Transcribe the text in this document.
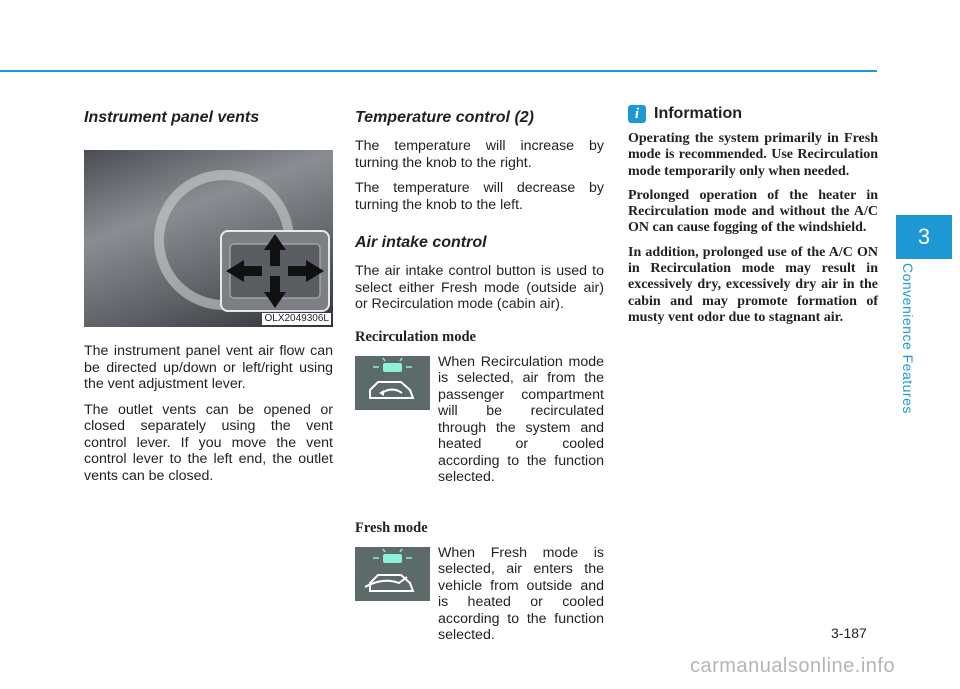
3
Convenience Features
Instrument panel vents
OLX2049306L

The instrument panel vent air flow can be directed up/down or left/right using the vent adjustment lever.

The outlet vents can be opened or closed separately using the vent control lever. If you move the vent control lever to the left end, the outlet vents can be closed.

Temperature control (2)

The temperature will increase by turning the knob to the right.

The temperature will decrease by turning the knob to the left.

Air intake control

The air intake control button is used to select either Fresh mode (outside air) or Recirculation mode (cabin air).

Recirculation mode

When Recirculation mode is selected, air from the passenger compartment will be recirculated through the system and heated or cooled according to the function selected.

Fresh mode

When Fresh mode is selected, air enters the vehicle from outside and is heated or cooled according to the function selected.

i Information

Operating the system primarily in Fresh mode is recommended. Use Recirculation mode temporarily only when needed.

Prolonged operation of the heater in Recirculation mode and without the A/C ON can cause fogging of the windshield.

In addition, prolonged use of the A/C ON in Recirculation mode may result in excessively dry, excessively dry air in the cabin and may promote formation of musty vent odor due to stagnant air.

3-187
carmanualsonline.info
